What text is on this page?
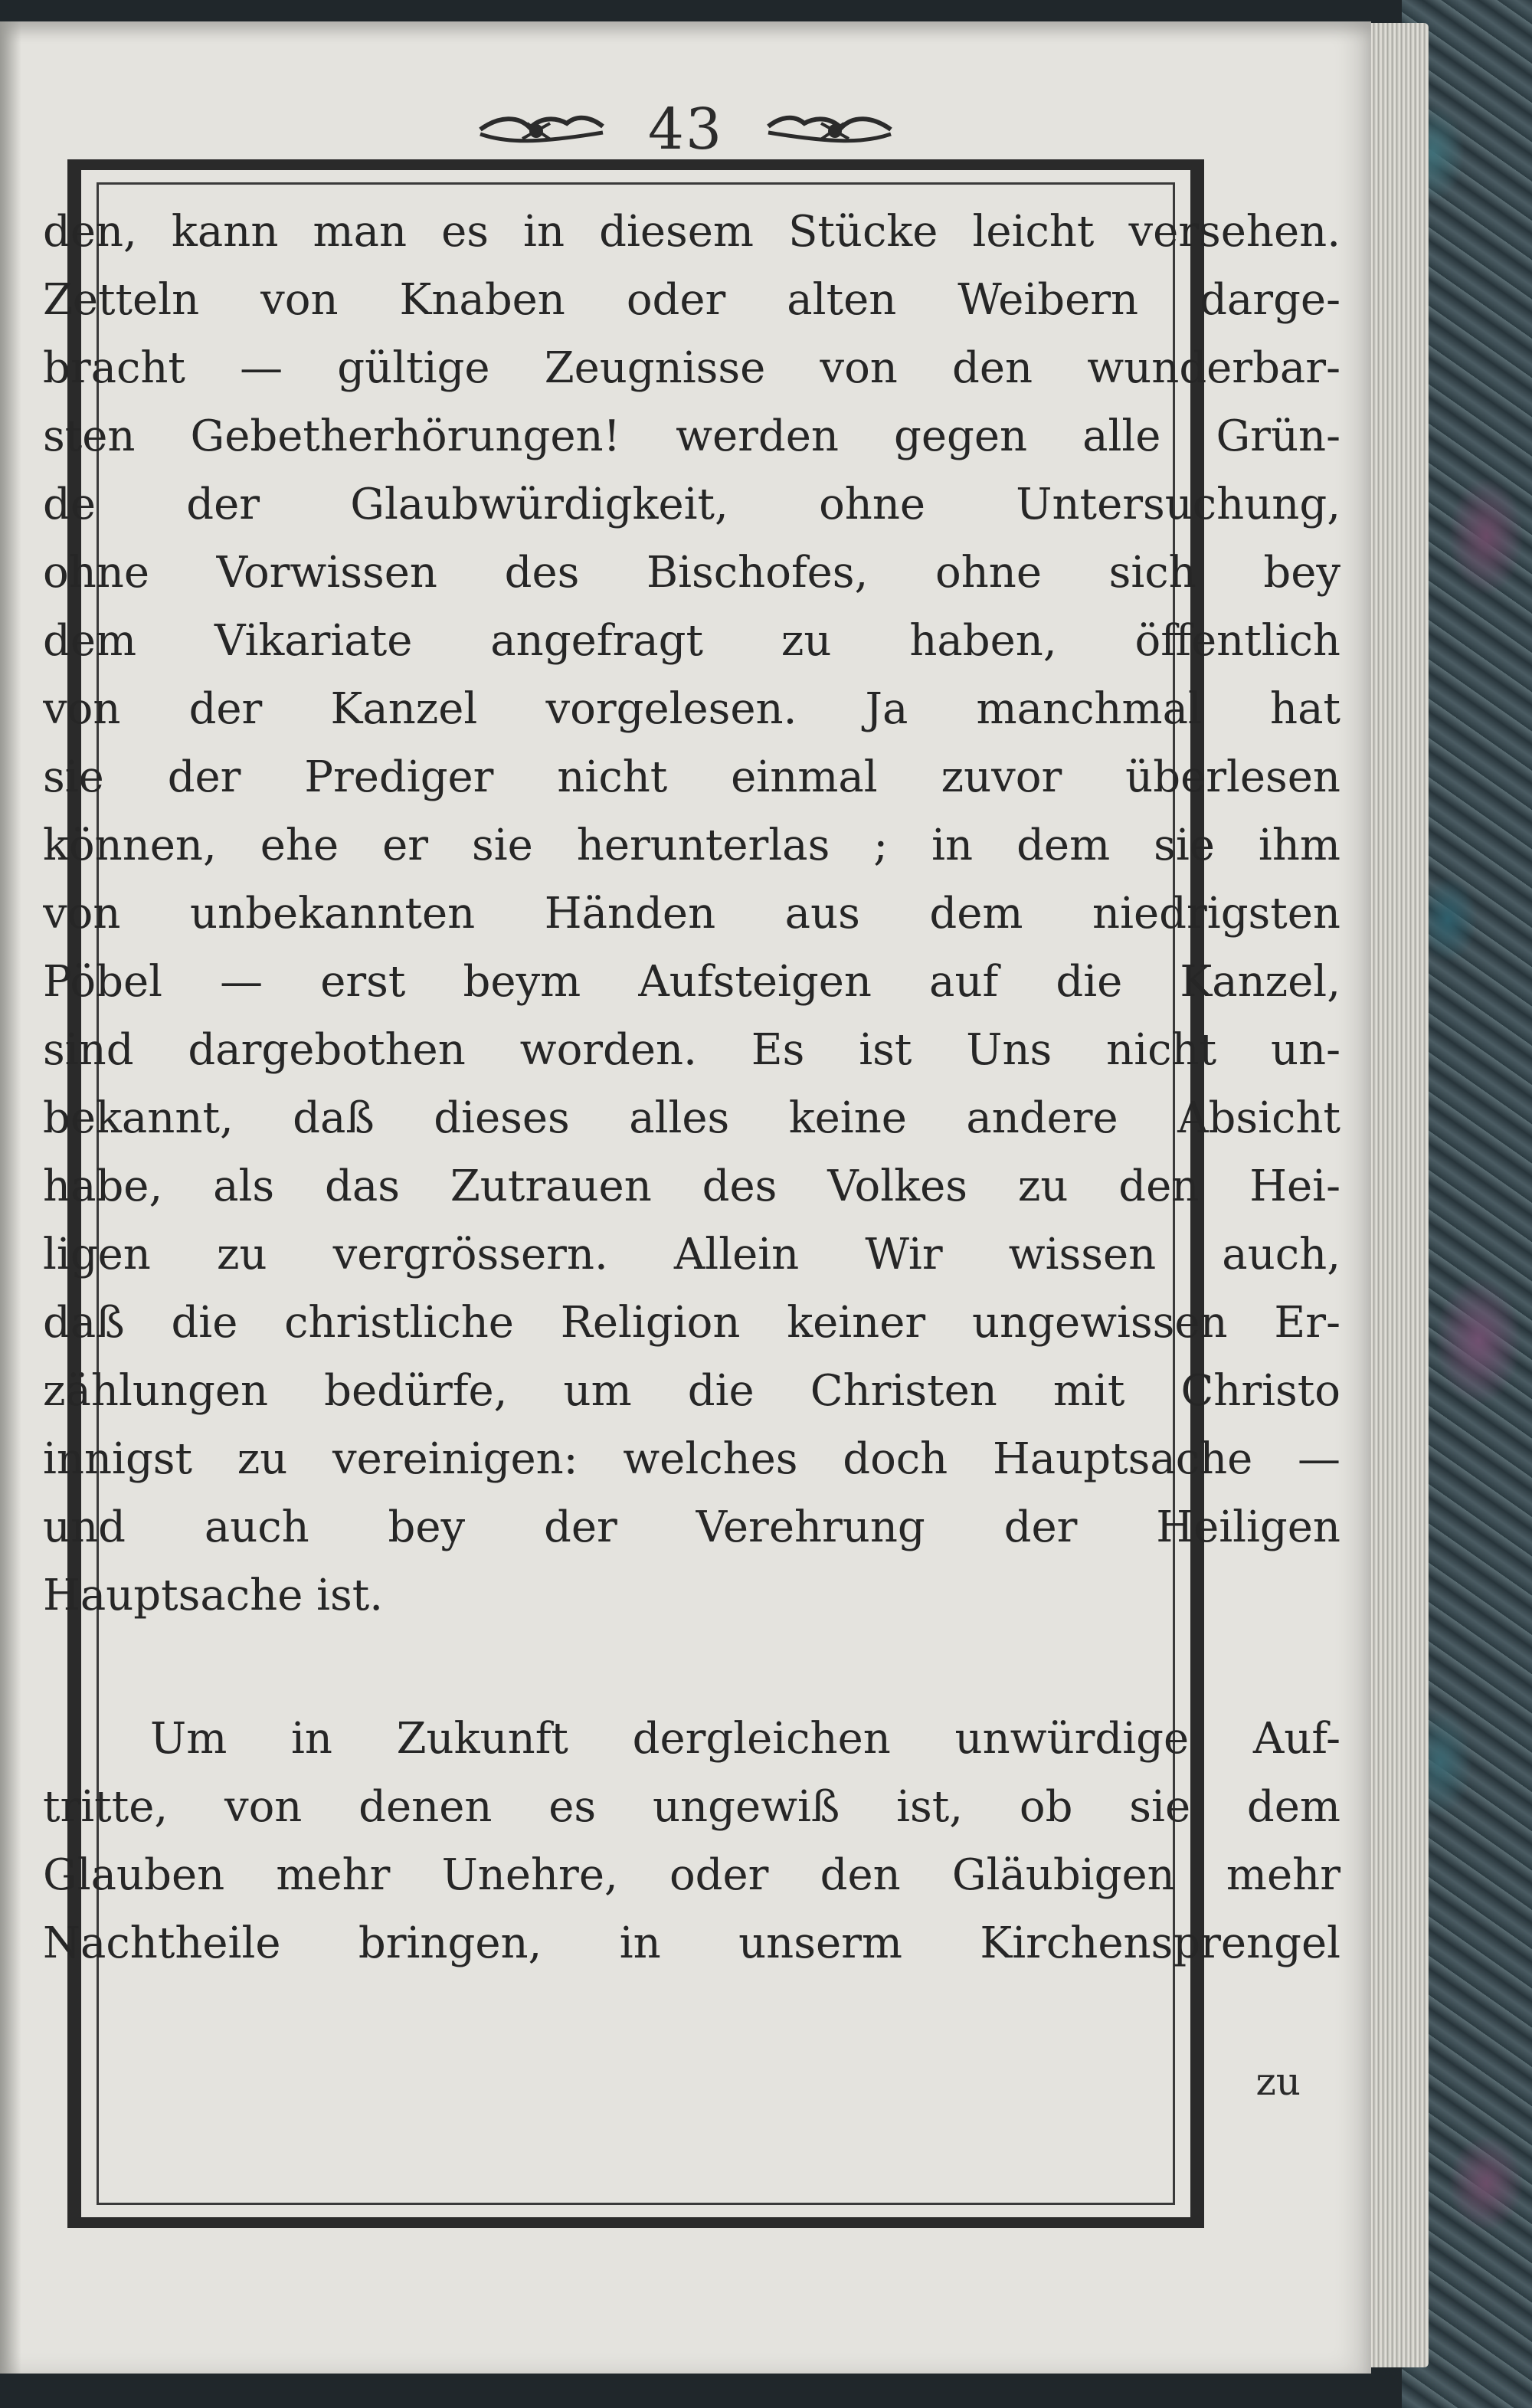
43
den, kann man es in diesem Stücke leicht versehen.
Zetteln von Knaben oder alten Weibern darge-
bracht — gültige Zeugnisse von den wunderbar-
sten Gebetherhörungen! werden gegen alle Grün-
de der Glaubwürdigkeit, ohne Untersuchung,
ohne Vorwissen des Bischofes, ohne sich bey
dem Vikariate angefragt zu haben, öffentlich
von der Kanzel vorgelesen. Ja manchmal hat
sie der Prediger nicht einmal zuvor überlesen
können, ehe er sie herunterlas ; in dem sie ihm
von unbekannten Händen aus dem niedrigsten
Pöbel — erst beym Aufsteigen auf die Kanzel,
sind dargebothen worden. Es ist Uns nicht un-
bekannt, daß dieses alles keine andere Absicht
habe, als das Zutrauen des Volkes zu den Hei-
ligen zu vergrössern. Allein Wir wissen auch,
daß die christliche Religion keiner ungewissen Er-
zählungen bedürfe, um die Christen mit Christo
innigst zu vereinigen: welches doch Hauptsache —
und auch bey der Verehrung der Heiligen
Hauptsache ist.
Um in Zukunft dergleichen unwürdige Auf-
tritte, von denen es ungewiß ist, ob sie dem
Glauben mehr Unehre, oder den Gläubigen mehr
Nachtheile bringen, in unserm Kirchensprengel
zu
